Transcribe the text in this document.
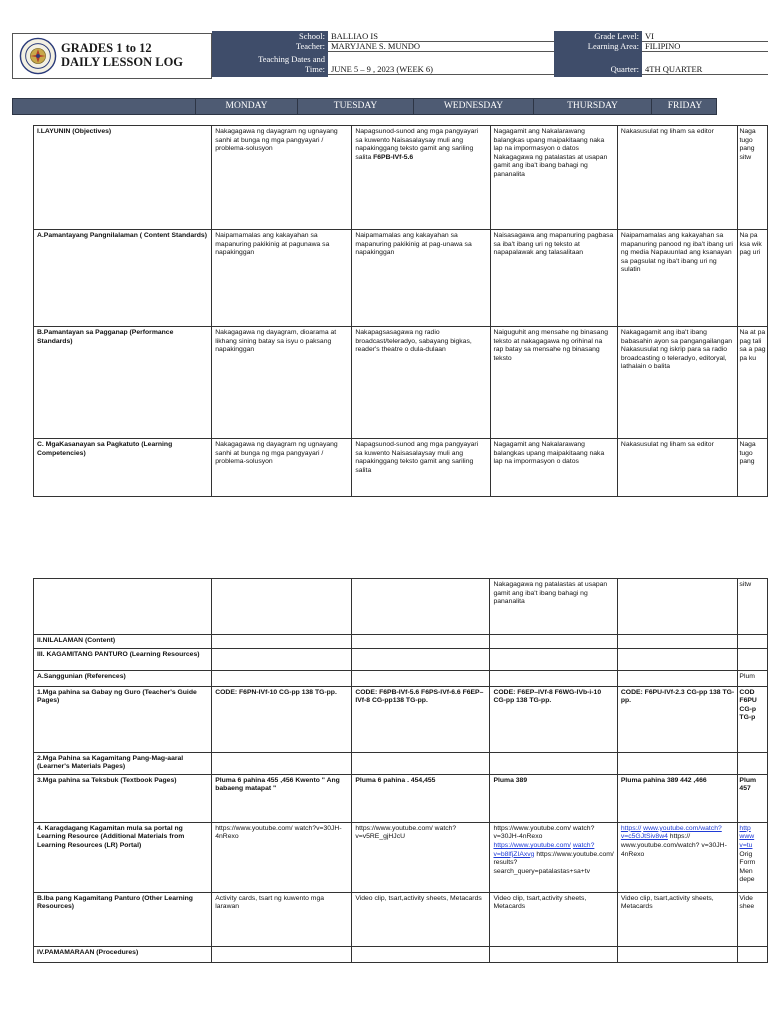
GRADES 1 to 12
DAILY LESSON LOG
School: BALLIAO IS	Grade Level: VI
Teacher: MARYJANE S. MUNDO	Learning Area: FILIPINO
Teaching Dates and Time: JUNE 5 – 9 , 2023 (WEEK 6)	Quarter: 4TH QUARTER
MONDAY	TUESDAY	WEDNESDAY	THURSDAY	FRIDAY
I.LAYUNIN (Objectives)	Nakagagawa ng dayagram ng ugnayang sanhi at bunga ng mga pangyayari / problema-solusyon	Napagsunod-sunod ang mga pangyayari sa kuwento Naisasalaysay muli ang napakinggang teksto gamit ang sariling salita F6PB-IVf-5.6	Nagagamit ang Nakalarawang balangkas upang maipakitaang naka lap na impormasyon o datos Nakagagawa ng patalastas at usapan gamit ang iba't ibang bahagi ng pananalita	Nakasusulat ng liham sa editor	Naga tugo pang sitw
A.Pamantayang Pangnilalaman ( Content Standards)	Naipamamalas ang kakayahan sa mapanuring pakikinig at pagunawa sa napakinggan	Naipamamalas ang kakayahan sa mapanuring pakikinig at pag-unawa sa napakinggan	Naisasagawa ang mapanuring pagbasa sa iba't ibang uri ng teksto at napapalawak ang talasalitaan	Naipamamalas ang kakayahan sa mapanuring panood ng iba't ibang uri ng media Napauunlad ang ksanayan sa pagsulat ng iba't ibang uri ng sulatin	Na pa ksa wik pag uri
B.Pamantayan sa Pagganap (Performance Standards)	Nakagagawa ng dayagram, dioarama at likhang sining batay sa isyu o paksang napakinggan	Nakapagsasagawa ng radio broadcast/teleradyo, sabayang bigkas, reader's theatre o dula-dulaan	Naiguguhit ang mensahe ng binasang teksto at nakagagawa ng orihinal na rap batay sa mensahe ng binasang teksto	Nakagagamit ang iba't ibang babasahin ayon sa pangangailangan Nakasusulat ng iskrip para sa radio broadcasting o teleradyo, editoryal, lathalain o balita	Na at pa pag tali sa a pag pa ku
C. MgaKasanayan sa Pagkatuto (Learning Competencies)	Nakagagawa ng dayagram ng ugnayang sanhi at bunga ng mga pangyayari / problema-solusyon	Napagsunod-sunod ang mga pangyayari sa kuwento Naisasalaysay muli ang napakinggang teksto gamit ang sariling salita	Nagagamit ang Nakalarawang balangkas upang maipakitaang naka lap na impormasyon o datos	Nakasusulat ng liham sa editor	Naga tugo pang
			Nakagagawa ng patalastas at usapan gamit ang iba't ibang bahagi ng pananalita		sitw
II.NILALAMAN (Content)					
III. KAGAMITANG PANTURO (Learning Resources)					
A.Sanggunian (References)					Plum
1.Mga pahina sa Gabay ng Guro (Teacher's Guide Pages)	CODE: F6PN-IVf-10 CG-pp 138 TG-pp.	CODE: F6PB-IVf-5.6 F6PS-IVf-6.6 F6EP–IVf-8 CG-pp138 TG-pp.	CODE: F6EP–IVf-8 F6WG-IVb-i-10 CG-pp 138 TG-pp.	CODE: F6PU-IVf-2.3 CG-pp 138 TG-pp.	COD F6PU CG-p TG-p
2.Mga Pahina sa Kagamitang Pang-Mag-aaral (Learner's Materials Pages)					
3.Mga pahina sa Teksbuk (Textbook Pages)	Pluma 6 pahina 455 ,456 Kwento " Ang babaeng matapat "	Pluma 6 pahina . 454,455	Pluma 389	Pluma pahina 389 442 ,466	Plum 457
4. Karagdagang Kagamitan mula sa portal ng Learning Resource (Additional Materials from Learning Resources (LR) Portal)	https://www.youtube.com/ watch?v=30JH-4nRexo	https://www.youtube.com/ watch?v=v5RE_gjHJcU	https://www.youtube.com/ watch?v=30JH-4nRexo https://www.youtube.com/ watch?v=b8lfjZIAxvg https://www.youtube.com/ results? search_query=patalastas+sa+tv	https:// www.youtube.com/watch? v=c5GJtSiv8w4 https:// www.youtube.com/watch? v=30JH-4nRexo	http www v=tu Orig Form Men depe
B.Iba pang Kagamitang Panturo (Other Learning Resources)	Activity cards, tsart ng kuwento mga larawan	Video clip, tsart,activity sheets, Metacards	Video clip, tsart,activity sheets, Metacards	Video clip, tsart,activity sheets, Metacards	Vide shee
IV.PAMAMARAAN (Procedures)					
